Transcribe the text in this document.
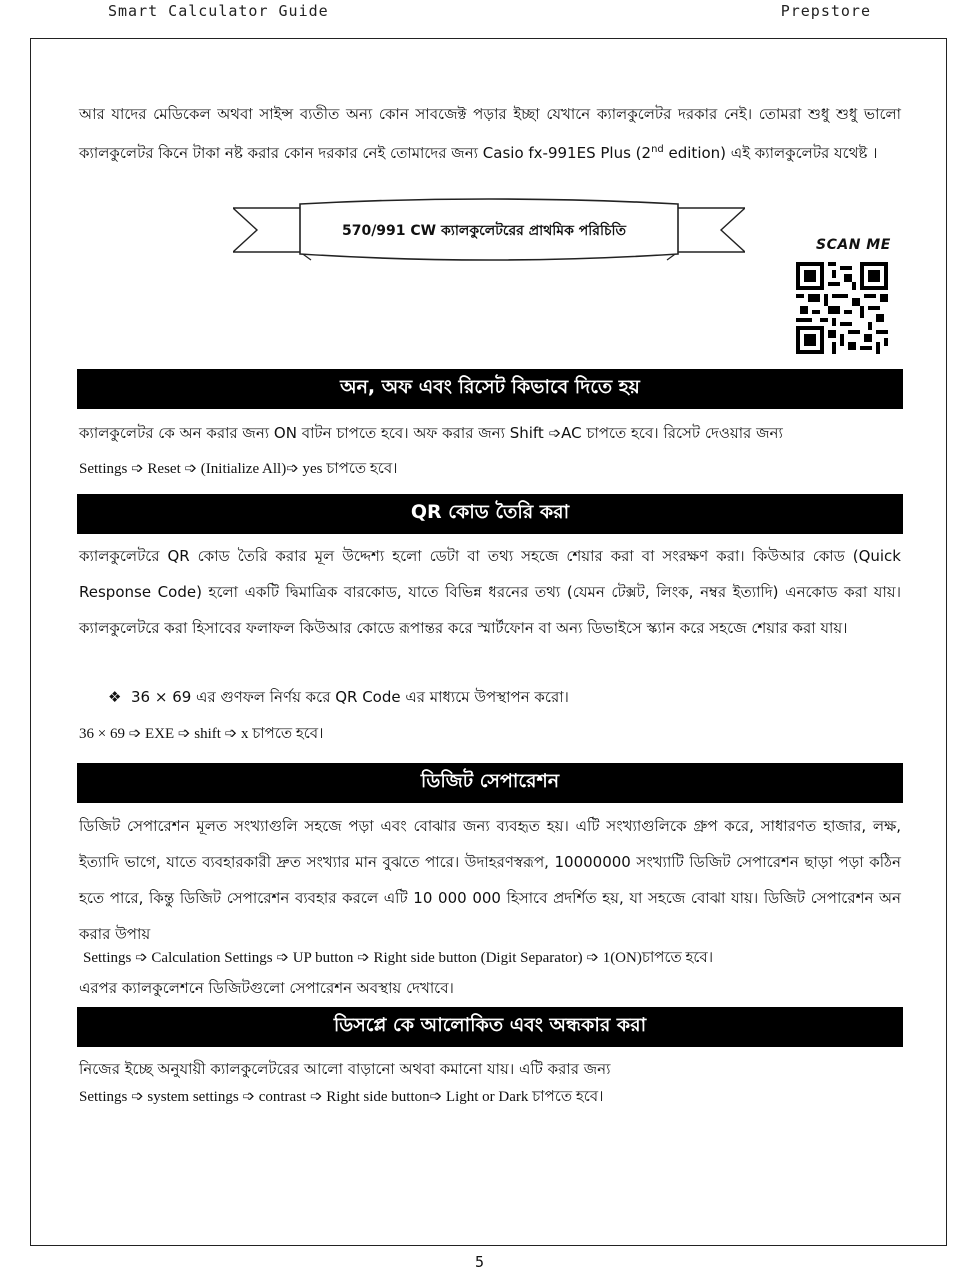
Smart Calculator Guide	Prepstore
আর যাদের মেডিকেল অথবা সাইন্স ব্যতীত অন্য কোন সাবজেক্ট পড়ার ইচ্ছা যেখানে ক্যালকুলেটর দরকার নেই। তোমরা শুধু শুধু ভালো ক্যালকুলেটর কিনে টাকা নষ্ট করার কোন দরকার নেই তোমাদের জন্য Casio fx-991ES Plus (2nd edition) এই ক্যালকুলেটর যথেষ্ট ।
570/991 CW ক্যালকুলেটরের প্রাথমিক পরিচিতি
SCAN ME
অন, অফ এবং রিসেট কিভাবে দিতে হয়
ক্যালকুলেটর কে অন করার জন্য ON বাটন চাপতে হবে। অফ করার জন্য Shift ➩AC চাপতে হবে। রিসেট দেওয়ার জন্য
Settings ➩ Reset ➩ (Initialize All)➩ yes চাপতে হবে।
QR কোড তৈরি করা
ক্যালকুলেটরে QR কোড তৈরি করার মূল উদ্দেশ্য হলো ডেটা বা তথ্য সহজে শেয়ার করা বা সংরক্ষণ করা। কিউআর কোড (Quick Response Code) হলো একটি দ্বিমাত্রিক বারকোড, যাতে বিভিন্ন ধরনের তথ্য (যেমন টেক্সট, লিংক, নম্বর ইত্যাদি) এনকোড করা যায়। ক্যালকুলেটরে করা হিসাবের ফলাফল কিউআর কোডে রূপান্তর করে স্মার্টফোন বা অন্য ডিভাইসে স্ক্যান করে সহজে শেয়ার করা যায়।
❖ 36 × 69 এর গুণফল নির্ণয় করে QR Code এর মাধ্যমে উপস্থাপন করো।
36 × 69 ➩ EXE ➩ shift ➩ x চাপতে হবে।
ডিজিট সেপারেশন
ডিজিট সেপারেশন মূলত সংখ্যাগুলি সহজে পড়া এবং বোঝার জন্য ব্যবহৃত হয়। এটি সংখ্যাগুলিকে গ্রুপ করে, সাধারণত হাজার, লক্ষ, ইত্যাদি ভাগে, যাতে ব্যবহারকারী দ্রুত সংখ্যার মান বুঝতে পারে। উদাহরণস্বরূপ, 10000000 সংখ্যাটি ডিজিট সেপারেশন ছাড়া পড়া কঠিন হতে পারে, কিন্তু ডিজিট সেপারেশন ব্যবহার করলে এটি 10 000 000 হিসাবে প্রদর্শিত হয়, যা সহজে বোঝা যায়। ডিজিট সেপারেশন অন করার উপায়
Settings ➩ Calculation Settings ➩ UP button ➩ Right side button (Digit Separator) ➩ 1(ON)চাপতে হবে।
এরপর ক্যালকুলেশনে ডিজিটগুলো সেপারেশন অবস্থায় দেখাবে।
ডিসপ্লে কে আলোকিত এবং অন্ধকার করা
নিজের ইচ্ছে অনুযায়ী ক্যালকুলেটরের আলো বাড়ানো অথবা কমানো যায়। এটি করার জন্য
Settings ➩ system settings ➩ contrast ➩ Right side button➩ Light or Dark চাপতে হবে।
5
